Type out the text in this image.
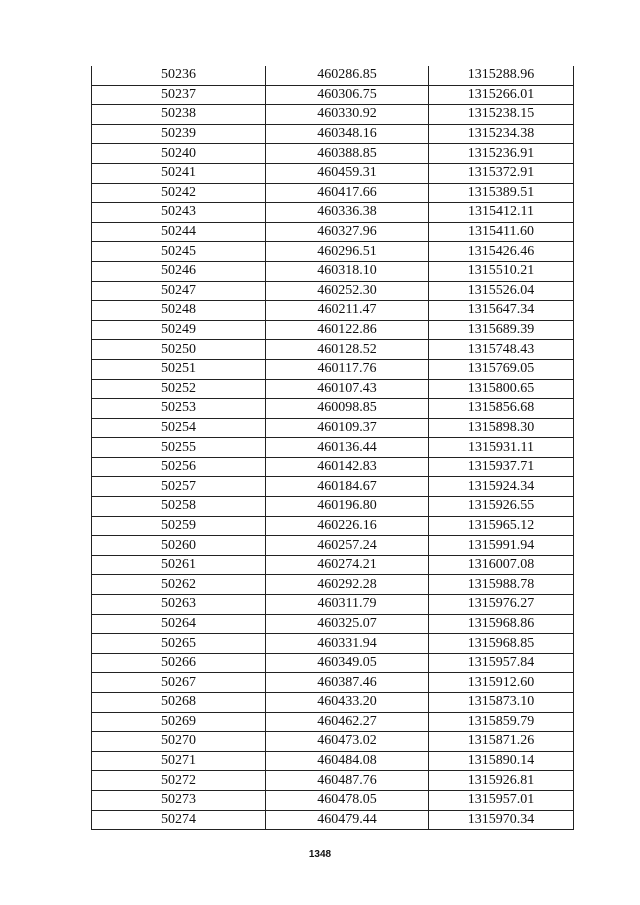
50236	460286.85	1315288.96
50237	460306.75	1315266.01
50238	460330.92	1315238.15
50239	460348.16	1315234.38
50240	460388.85	1315236.91
50241	460459.31	1315372.91
50242	460417.66	1315389.51
50243	460336.38	1315412.11
50244	460327.96	1315411.60
50245	460296.51	1315426.46
50246	460318.10	1315510.21
50247	460252.30	1315526.04
50248	460211.47	1315647.34
50249	460122.86	1315689.39
50250	460128.52	1315748.43
50251	460117.76	1315769.05
50252	460107.43	1315800.65
50253	460098.85	1315856.68
50254	460109.37	1315898.30
50255	460136.44	1315931.11
50256	460142.83	1315937.71
50257	460184.67	1315924.34
50258	460196.80	1315926.55
50259	460226.16	1315965.12
50260	460257.24	1315991.94
50261	460274.21	1316007.08
50262	460292.28	1315988.78
50263	460311.79	1315976.27
50264	460325.07	1315968.86
50265	460331.94	1315968.85
50266	460349.05	1315957.84
50267	460387.46	1315912.60
50268	460433.20	1315873.10
50269	460462.27	1315859.79
50270	460473.02	1315871.26
50271	460484.08	1315890.14
50272	460487.76	1315926.81
50273	460478.05	1315957.01
50274	460479.44	1315970.34
1348
